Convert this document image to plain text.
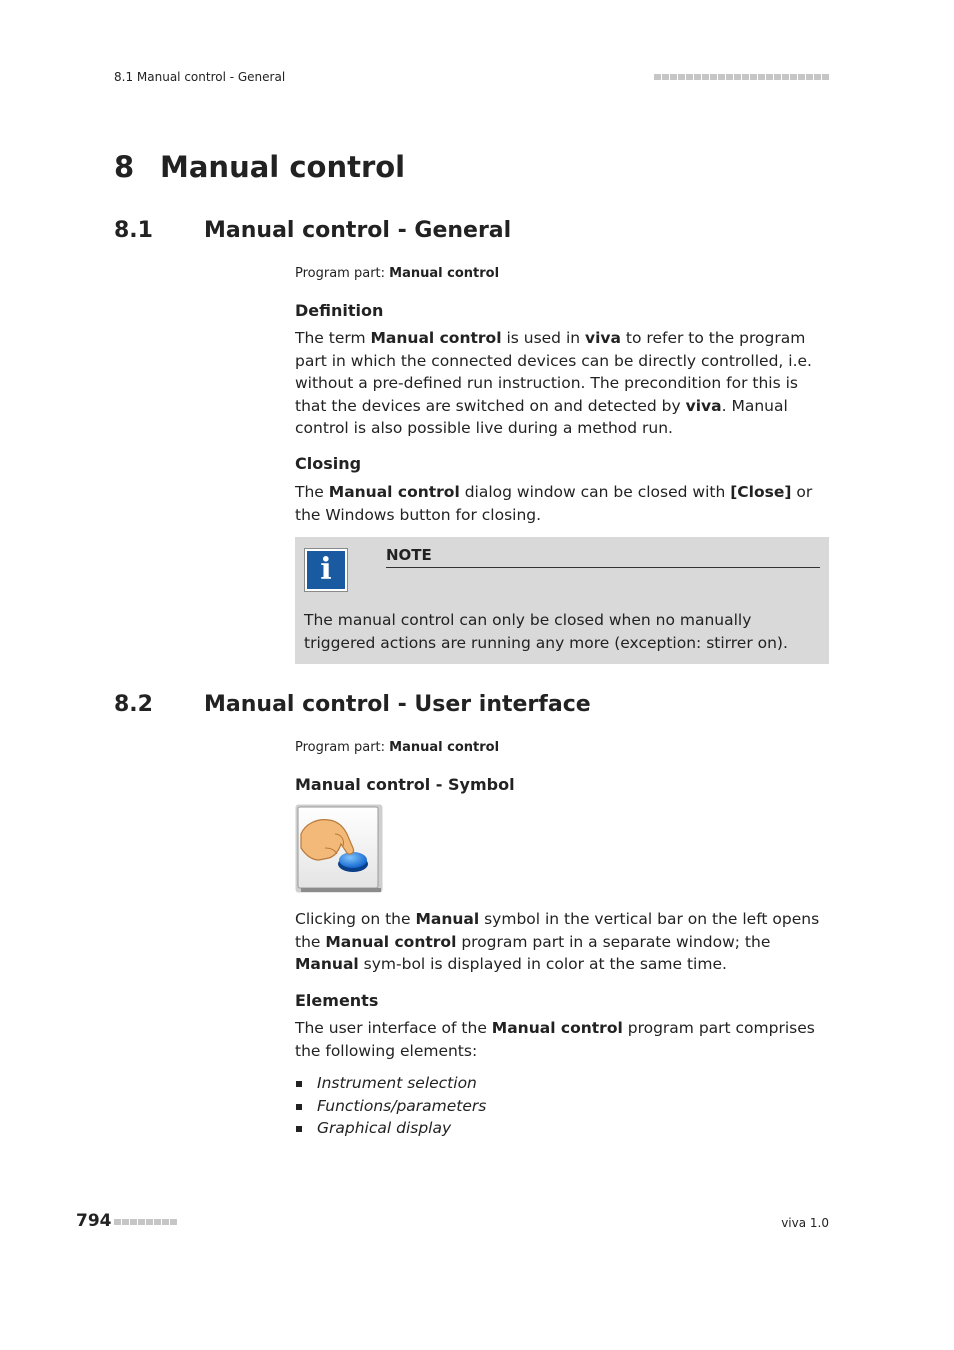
8.1 Manual control - General
8 Manual control
8.1 Manual control - General
Program part: Manual control
Definition
The term Manual control is used in viva to refer to the program part in which the connected devices can be directly controlled, i.e. without a pre-defined run instruction. The precondition for this is that the devices are switched on and detected by viva. Manual control is also possible live during a method run.
Closing
The Manual control dialog window can be closed with [Close] or the Windows button for closing.
i	NOTE
The manual control can only be closed when no manually triggered actions are running any more (exception: stirrer on).
8.2 Manual control - User interface
Program part: Manual control
Manual control - Symbol
Clicking on the Manual symbol in the vertical bar on the left opens the Manual control program part in a separate window; the Manual sym-bol is displayed in color at the same time.
Elements
The user interface of the Manual control program part comprises the following elements:
Instrument selection
Functions/parameters
Graphical display
794	viva 1.0
